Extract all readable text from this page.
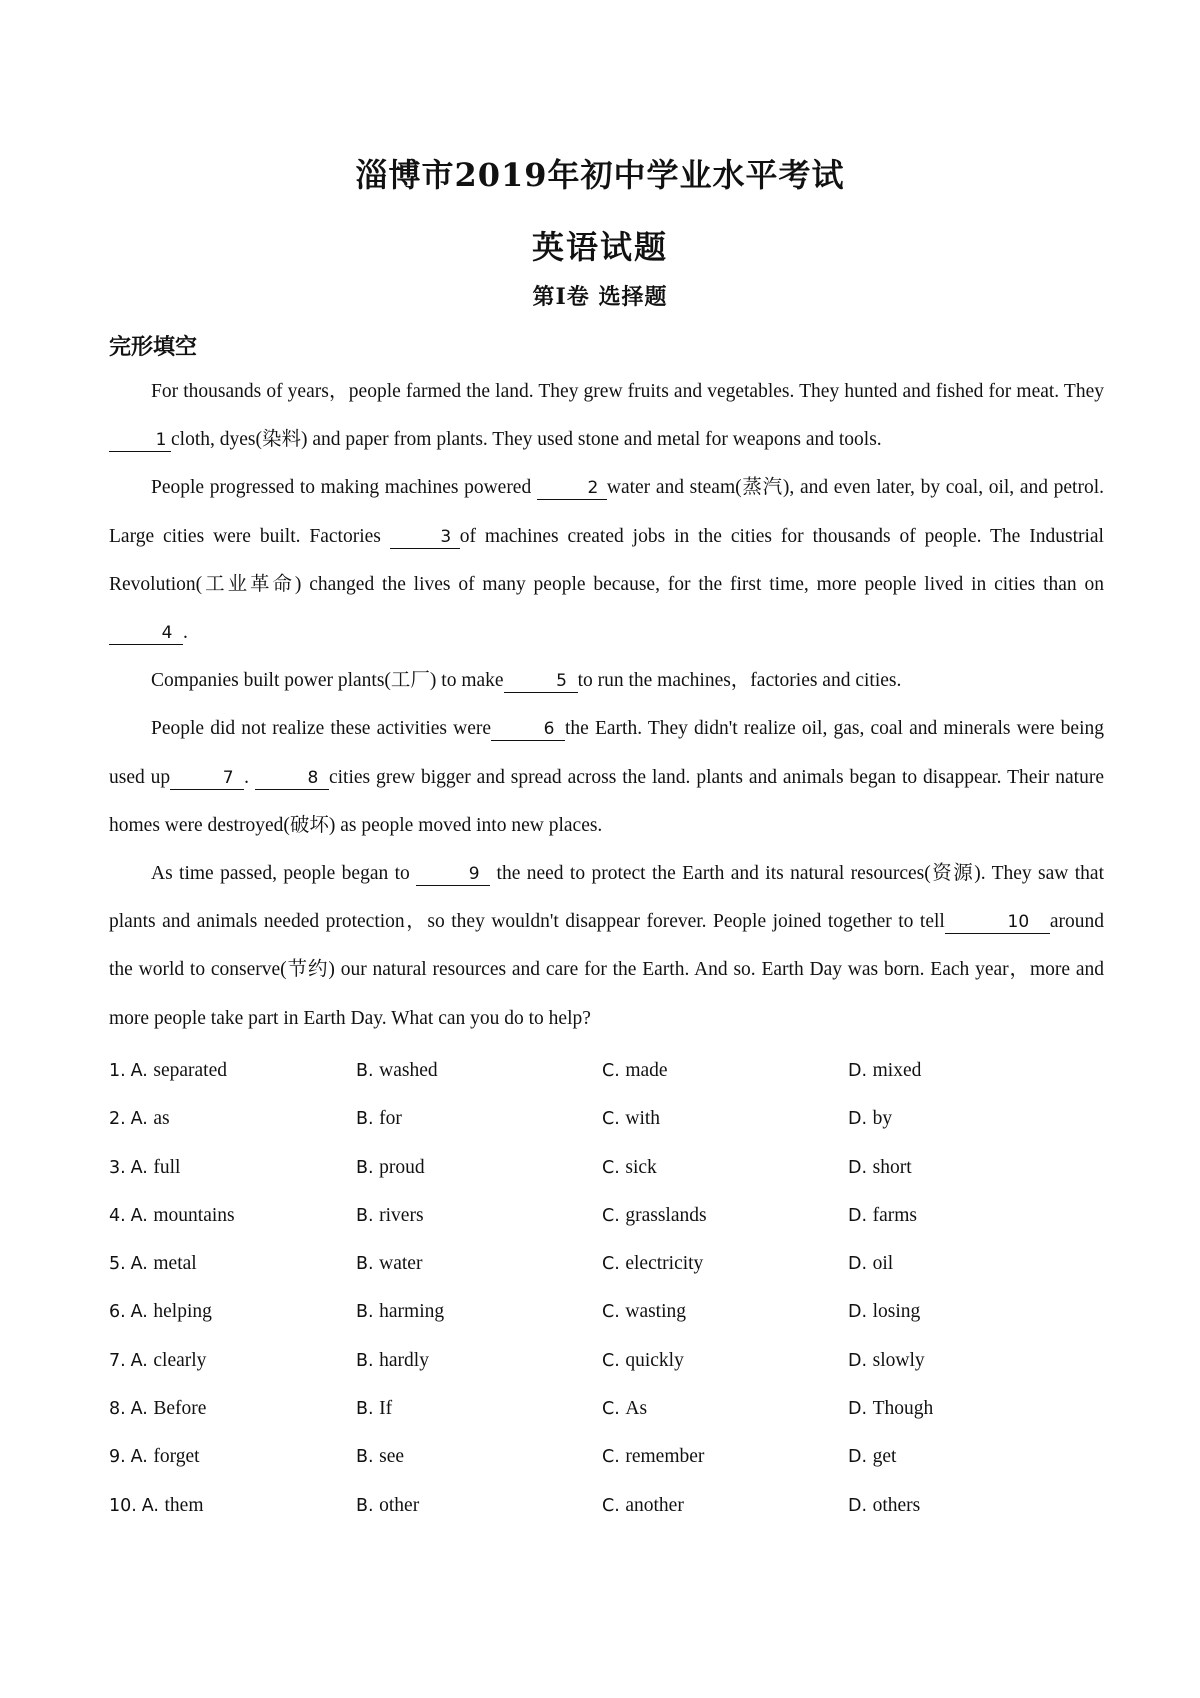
淄博市2019年初中学业水平考试
英语试题
第Ⅰ卷 选择题
完形填空

For thousands of years，people farmed the land. They grew fruits and vegetables. They hunted and fished for meat. They1 cloth, dyes(染料) and paper from plants. They used stone and metal for weapons and tools.

People progressed to making machines powered	2 water and steam(蒸汽), and even later, by coal, oil, and petrol. Large cities were built. Factories	3 of machines created jobs in the cities for thousands of people. The Industrial Revolution(工业革命) changed the lives of many people because, for the first time, more people lived in cities than on 4 .

Companies built power plants(工厂) to make	5 to run the machines，factories and cities.

People did not realize these activities were	6 the Earth. They didn't realize oil, gas, coal and minerals were being used up	7 .	8 cities grew bigger and spread across the land. plants and animals began to disappear. Their nature homes were destroyed(破坏) as people moved into new places.

As time passed, people began to	9 the need to protect the Earth and its natural resources(资源). They saw that plants and animals needed protection，so they wouldn't disappear forever. People joined together to tell	10 around the world to conserve(节约) our natural resources and care for the Earth. And so. Earth Day was born. Each year，more and more people take part in Earth Day. What can you do to help?

1. A. separated	B. washed	C. made	D. mixed
2. A. as	B. for	C. with	D. by
3. A. full	B. proud	C. sick	D. short
4. A. mountains	B. rivers	C. grasslands	D. farms
5. A. metal	B. water	C. electricity	D. oil
6. A. helping	B. harming	C. wasting	D. losing
7. A. clearly	B. hardly	C. quickly	D. slowly
8. A. Before	B. If	C. As	D. Though
9. A. forget	B. see	C. remember	D. get
10. A. them	B. other	C. another	D. others
